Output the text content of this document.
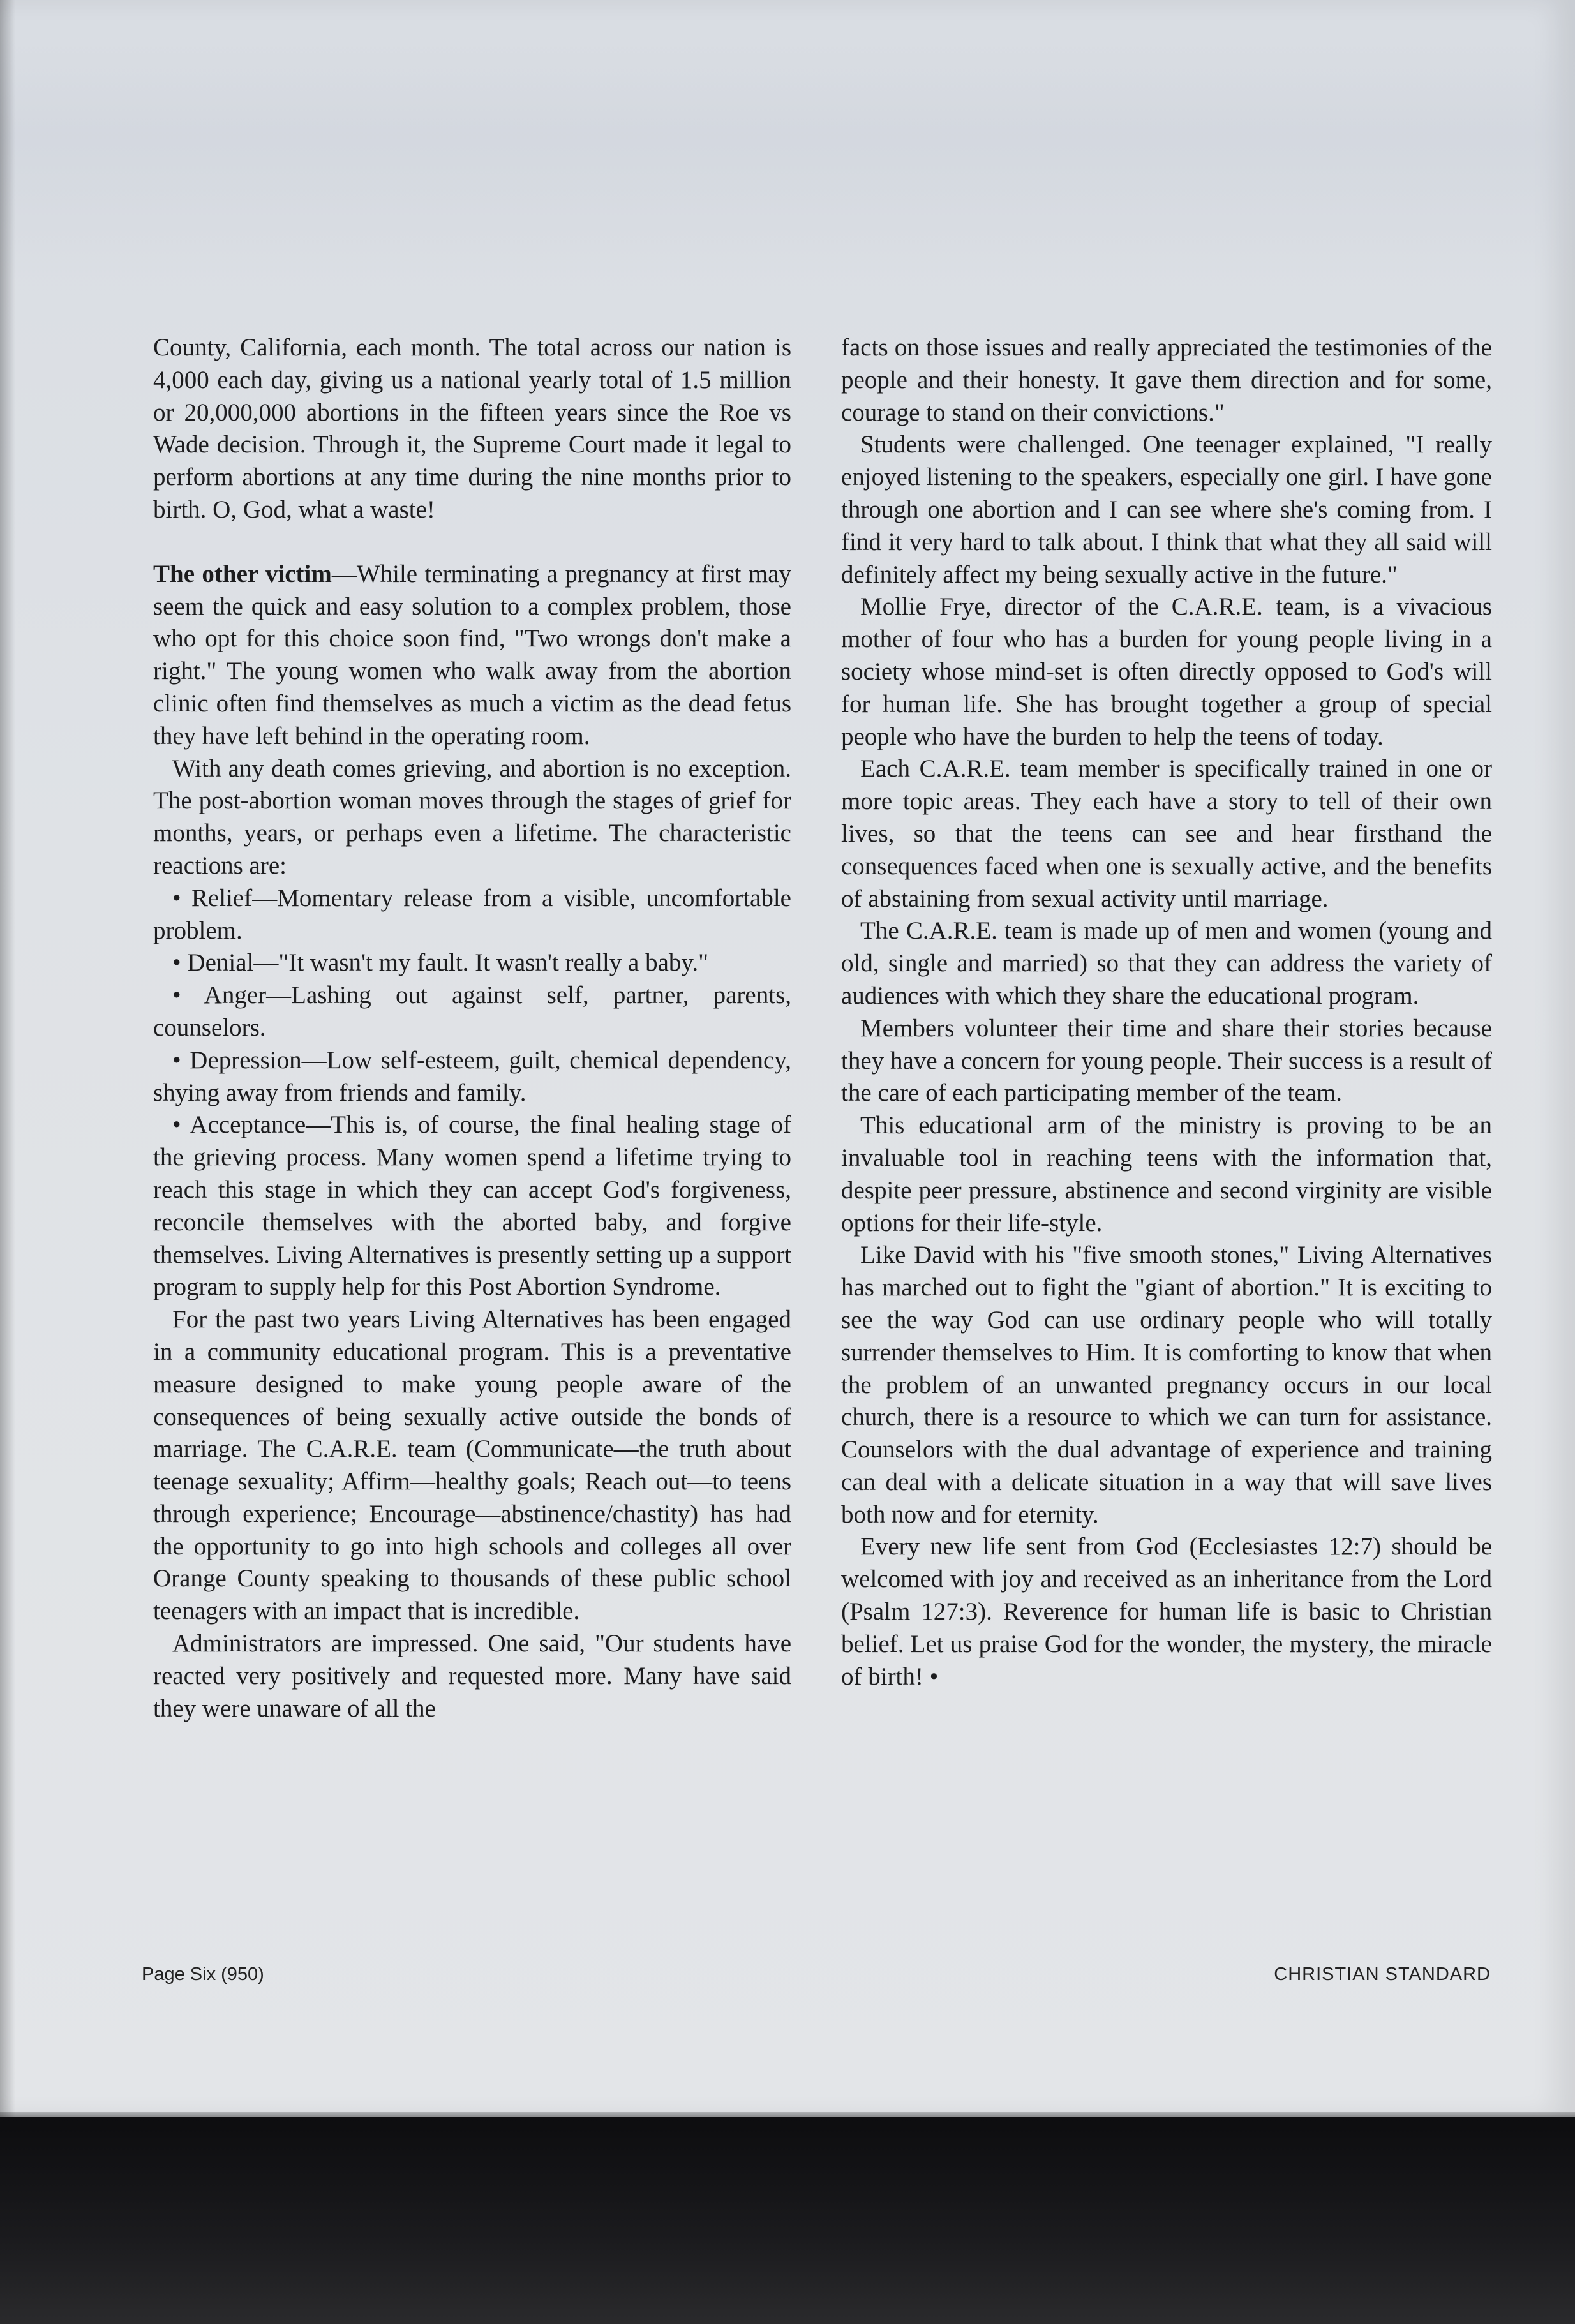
County, California, each month. The total across our nation is 4,000 each day, giving us a national yearly total of 1.5 million or 20,000,000 abortions in the fifteen years since the Roe vs Wade decision. Through it, the Supreme Court made it legal to perform abortions at any time during the nine months prior to birth. O, God, what a waste!

The other victim—While terminating a pregnancy at first may seem the quick and easy solution to a complex problem, those who opt for this choice soon find, "Two wrongs don't make a right." The young women who walk away from the abortion clinic often find themselves as much a victim as the dead fetus they have left behind in the operating room.

With any death comes grieving, and abortion is no exception. The post-abortion woman moves through the stages of grief for months, years, or perhaps even a lifetime. The characteristic reactions are:

• Relief—Momentary release from a visible, uncomfortable problem.

• Denial—"It wasn't my fault. It wasn't really a baby."

• Anger—Lashing out against self, partner, parents, counselors.

• Depression—Low self-esteem, guilt, chemical dependency, shying away from friends and family.

• Acceptance—This is, of course, the final healing stage of the grieving process. Many women spend a lifetime trying to reach this stage in which they can accept God's forgiveness, reconcile themselves with the aborted baby, and forgive themselves. Living Alternatives is presently setting up a support program to supply help for this Post Abortion Syndrome.

For the past two years Living Alternatives has been engaged in a community educational program. This is a preventative measure designed to make young people aware of the consequences of being sexually active outside the bonds of marriage. The C.A.R.E. team (Communicate—the truth about teenage sexuality; Affirm—healthy goals; Reach out—to teens through experience; Encourage—abstinence/chastity) has had the opportunity to go into high schools and colleges all over Orange County speaking to thousands of these public school teenagers with an impact that is incredible.

Administrators are impressed. One said, "Our students have reacted very positively and requested more. Many have said they were unaware of all the

facts on those issues and really appreciated the testimonies of the people and their honesty. It gave them direction and for some, courage to stand on their convictions."

Students were challenged. One teenager explained, "I really enjoyed listening to the speakers, especially one girl. I have gone through one abortion and I can see where she's coming from. I find it very hard to talk about. I think that what they all said will definitely affect my being sexually active in the future."

Mollie Frye, director of the C.A.R.E. team, is a vivacious mother of four who has a burden for young people living in a society whose mind-set is often directly opposed to God's will for human life. She has brought together a group of special people who have the burden to help the teens of today.

Each C.A.R.E. team member is specifically trained in one or more topic areas. They each have a story to tell of their own lives, so that the teens can see and hear firsthand the consequences faced when one is sexually active, and the benefits of abstaining from sexual activity until marriage.

The C.A.R.E. team is made up of men and women (young and old, single and married) so that they can address the variety of audiences with which they share the educational program.

Members volunteer their time and share their stories because they have a concern for young people. Their success is a result of the care of each participating member of the team.

This educational arm of the ministry is proving to be an invaluable tool in reaching teens with the information that, despite peer pressure, abstinence and second virginity are visible options for their life-style.

Like David with his "five smooth stones," Living Alternatives has marched out to fight the "giant of abortion." It is exciting to see the way God can use ordinary people who will totally surrender themselves to Him. It is comforting to know that when the problem of an unwanted pregnancy occurs in our local church, there is a resource to which we can turn for assistance. Counselors with the dual advantage of experience and training can deal with a delicate situation in a way that will save lives both now and for eternity.

Every new life sent from God (Ecclesiastes 12:7) should be welcomed with joy and received as an inheritance from the Lord (Psalm 127:3). Reverence for human life is basic to Christian belief. Let us praise God for the wonder, the mystery, the miracle of birth! •

Page Six (950)	CHRISTIAN STANDARD
